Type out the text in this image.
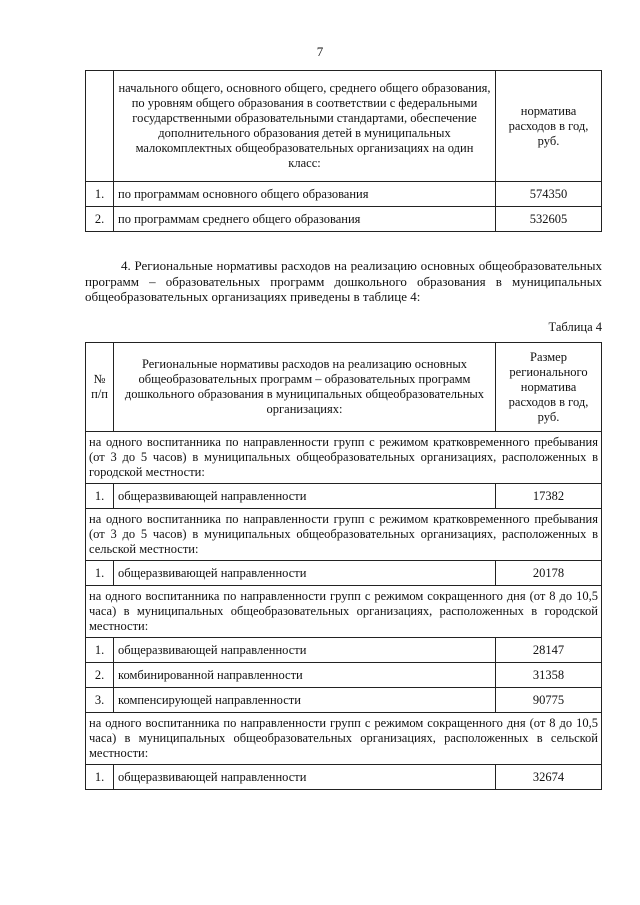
7
	начального общего, основного общего, среднего общего образования, по уровням общего образования в соответствии с федеральными государственными образовательными стандартами, обеспечение дополнительного образования детей в муниципальных малокомплектных общеобразовательных организациях на один класс:	норматива расходов в год, руб.
1.	по программам основного общего образования	574350
2.	по программам среднего общего образования	532605

4. Региональные нормативы расходов на реализацию основных общеобразовательных программ – образовательных программ дошкольного образования в муниципальных общеобразовательных организациях приведены в таблице 4:

Таблица 4
№ п/п	Региональные нормативы расходов на реализацию основных общеобразовательных программ – образовательных программ дошкольного образования в муниципальных общеобразовательных организациях:	Размер регионального норматива расходов в год, руб.
на одного воспитанника по направленности групп с режимом кратковременного пребывания (от 3 до 5 часов) в муниципальных общеобразовательных организациях, расположенных в городской местности:		
1.	общеразвивающей направленности	17382
на одного воспитанника по направленности групп с режимом кратковременного пребывания (от 3 до 5 часов) в муниципальных общеобразовательных организациях, расположенных в сельской местности:		
1.	общеразвивающей направленности	20178
на одного воспитанника по направленности групп с режимом сокращенного дня (от 8 до 10,5 часа) в муниципальных общеобразовательных организациях, расположенных в городской местности:		
1.	общеразвивающей направленности	28147
2.	комбинированной направленности	31358
3.	компенсирующей направленности	90775
на одного воспитанника по направленности групп с режимом сокращенного дня (от 8 до 10,5 часа) в муниципальных общеобразовательных организациях, расположенных в сельской местности:		
1.	общеразвивающей направленности	32674
